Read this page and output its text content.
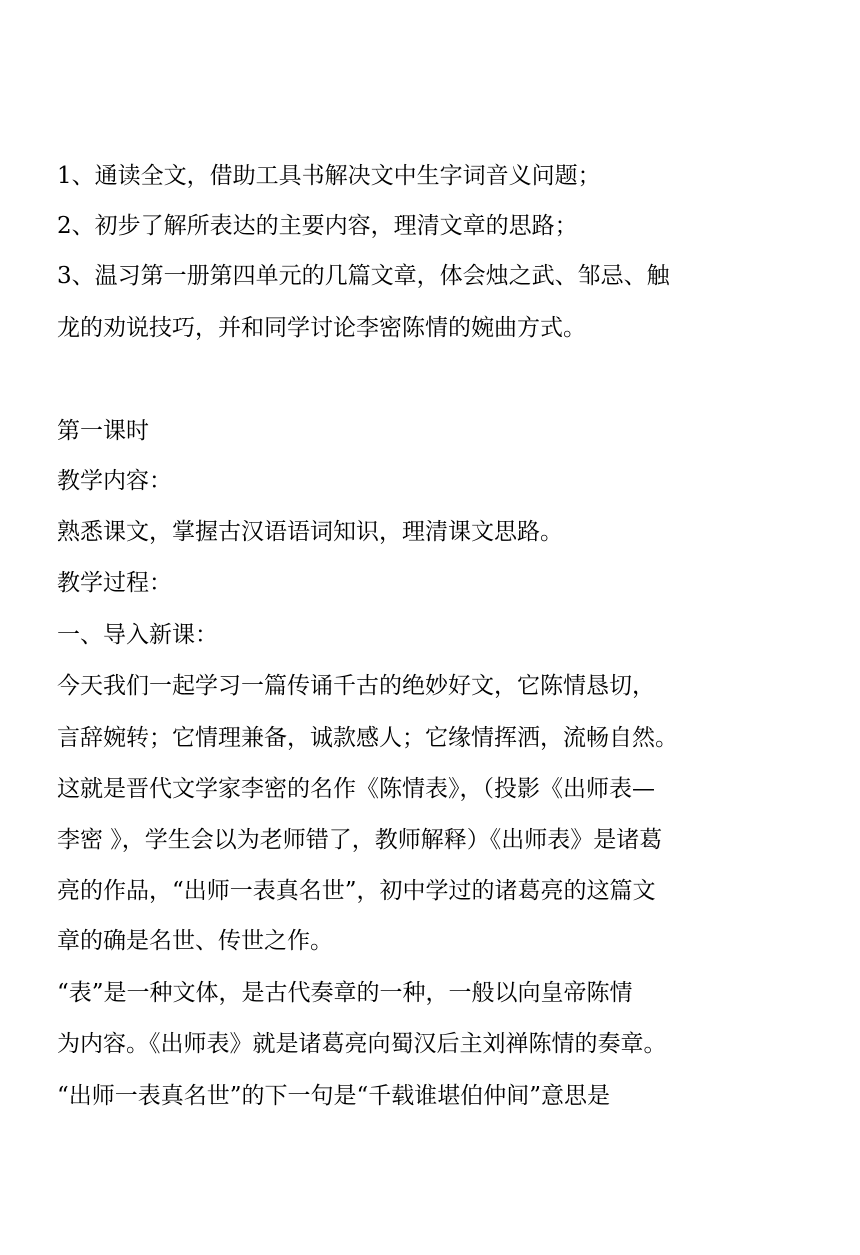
1、通读全文，借助工具书解决文中生字词音义问题；
2、初步了解所表达的主要内容，理清文章的思路；
3、温习第一册第四单元的几篇文章，体会烛之武、邹忌、触
龙的劝说技巧，并和同学讨论李密陈情的婉曲方式。
第一课时
教学内容：
熟悉课文，掌握古汉语语词知识，理清课文思路。
教学过程：
一、导入新课：
今天我们一起学习一篇传诵千古的绝妙好文，它陈情恳切，
言辞婉转；它情理兼备，诚款感人；它缘情挥洒，流畅自然。
这就是晋代文学家李密的名作《陈情表》，（投影《出师表—
李密 》，学生会以为老师错了，教师解释）《出师表》是诸葛
亮的作品，“出师一表真名世”，初中学过的诸葛亮的这篇文
章的确是名世、传世之作。
“表”是一种文体，是古代奏章的一种，一般以向皇帝陈情
为内容。《出师表》就是诸葛亮向蜀汉后主刘禅陈情的奏章。
“出师一表真名世”的下一句是“千载谁堪伯仲间”意思是
